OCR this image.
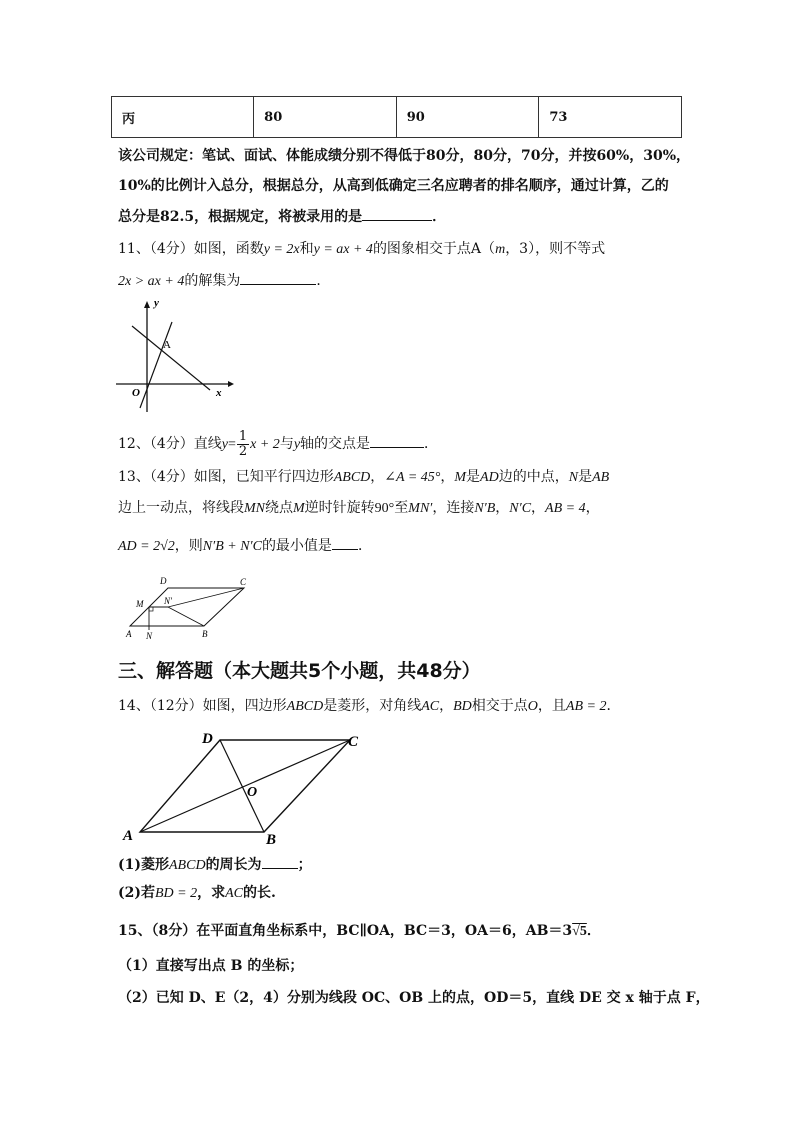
丙	80	90	73
该公司规定：笔试、面试、体能成绩分别不得低于80分，80分，70分，并按60%，30%，
10%的比例计入总分，根据总分，从高到低确定三名应聘者的排名顺序，通过计算，乙的
总分是82.5，根据规定，将被录用的是	．
11、（4分）如图，函数y = 2x和y = ax + 4的图象相交于点A（m，3），则不等式
2x > ax + 4的解集为	．
y
x
O
A
12、（4分）直线$y= \frac{1}{2}$ x + 2与y轴的交点是	．
13、（4分）如图，已知平行四边形ABCD，∠A = 45°，M是AD边的中点，N是AB
边上一动点，将线段MN绕点M逆时针旋转90°至MN′，连接N′B，N′C，AB = 4，
AD = 2√2，则N′B + N′C的最小值是 ．
D	C
M N′
A N	B
三、解答题（本大题共5个小题，共48分）
14、（12分）如图，四边形ABCD是菱形，对角线AC，BD相交于点O，且AB = 2．
D	C
O
A	B
(1)菱形ABCD的周长为	；
(2)若BD = 2，求AC的长.
15、（8分）在平面直角坐标系中，BC∥OA，BC＝3，OA＝6，AB＝3√5．
（1）直接写出点 B 的坐标；
（2）已知 D、E（2，4）分别为线段 OC、OB 上的点，OD＝5，直线 DE 交 x 轴于点 F，
